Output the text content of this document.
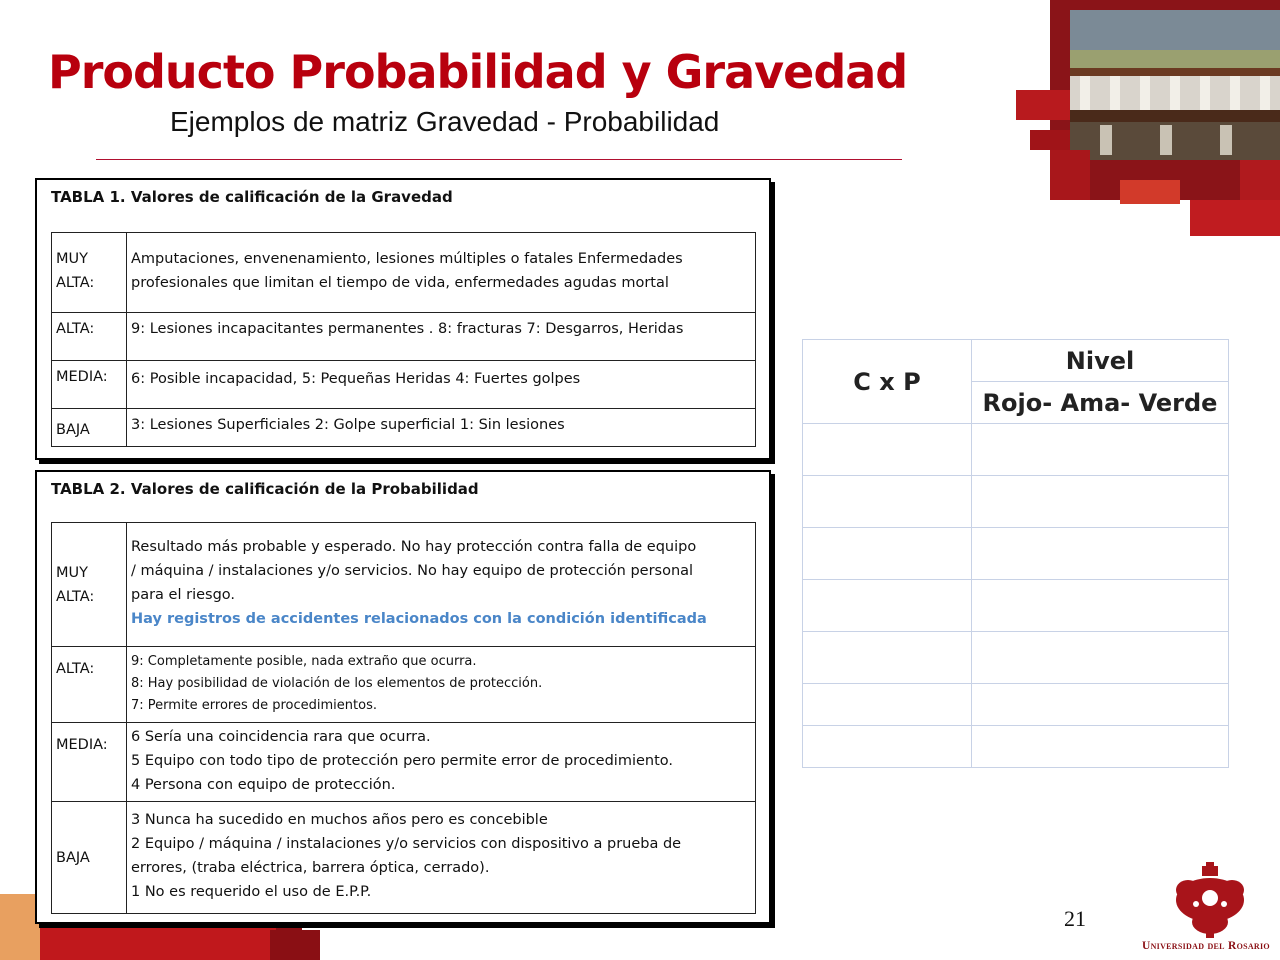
Producto Probabilidad y Gravedad
Ejemplos de matriz Gravedad - Probabilidad
TABLA 1. Valores de calificación de la Gravedad
MUY
ALTA:	Amputaciones, envenenamiento, lesiones múltiples o fatales Enfermedades
profesionales que limitan el tiempo de vida, enfermedades agudas mortal

ALTA:	9: Lesiones incapacitantes permanentes . 8: fracturas 7: Desgarros, Heridas

MEDIA:	6: Posible incapacidad, 5: Pequeñas Heridas 4: Fuertes golpes

BAJA	3: Lesiones Superficiales 2: Golpe superficial 1: Sin lesiones
TABLA 2. Valores de calificación de la Probabilidad
MUY
ALTA:	Resultado más probable y esperado. No hay protección contra falla de equipo
/ máquina / instalaciones y/o servicios. No hay equipo de protección personal
para el riesgo.
Hay registros de accidentes relacionados con la condición identificada

ALTA:	9: Completamente posible, nada extraño que ocurra.
8: Hay posibilidad de violación de los elementos de protección.
7: Permite errores de procedimientos.

MEDIA:	6 Sería una coincidencia rara que ocurra.
5 Equipo con todo tipo de protección pero permite error de procedimiento.
4 Persona con equipo de protección.

BAJA	3 Nunca ha sucedido en muchos años pero es concebible
2 Equipo / máquina / instalaciones y/o servicios con dispositivo a prueba de
errores, (traba eléctrica, barrera óptica, cerrado).
1 No es requerido el uso de E.P.P.
C x P	Nivel
	Rojo- Ama- Verde

21
Universidad del Rosario
